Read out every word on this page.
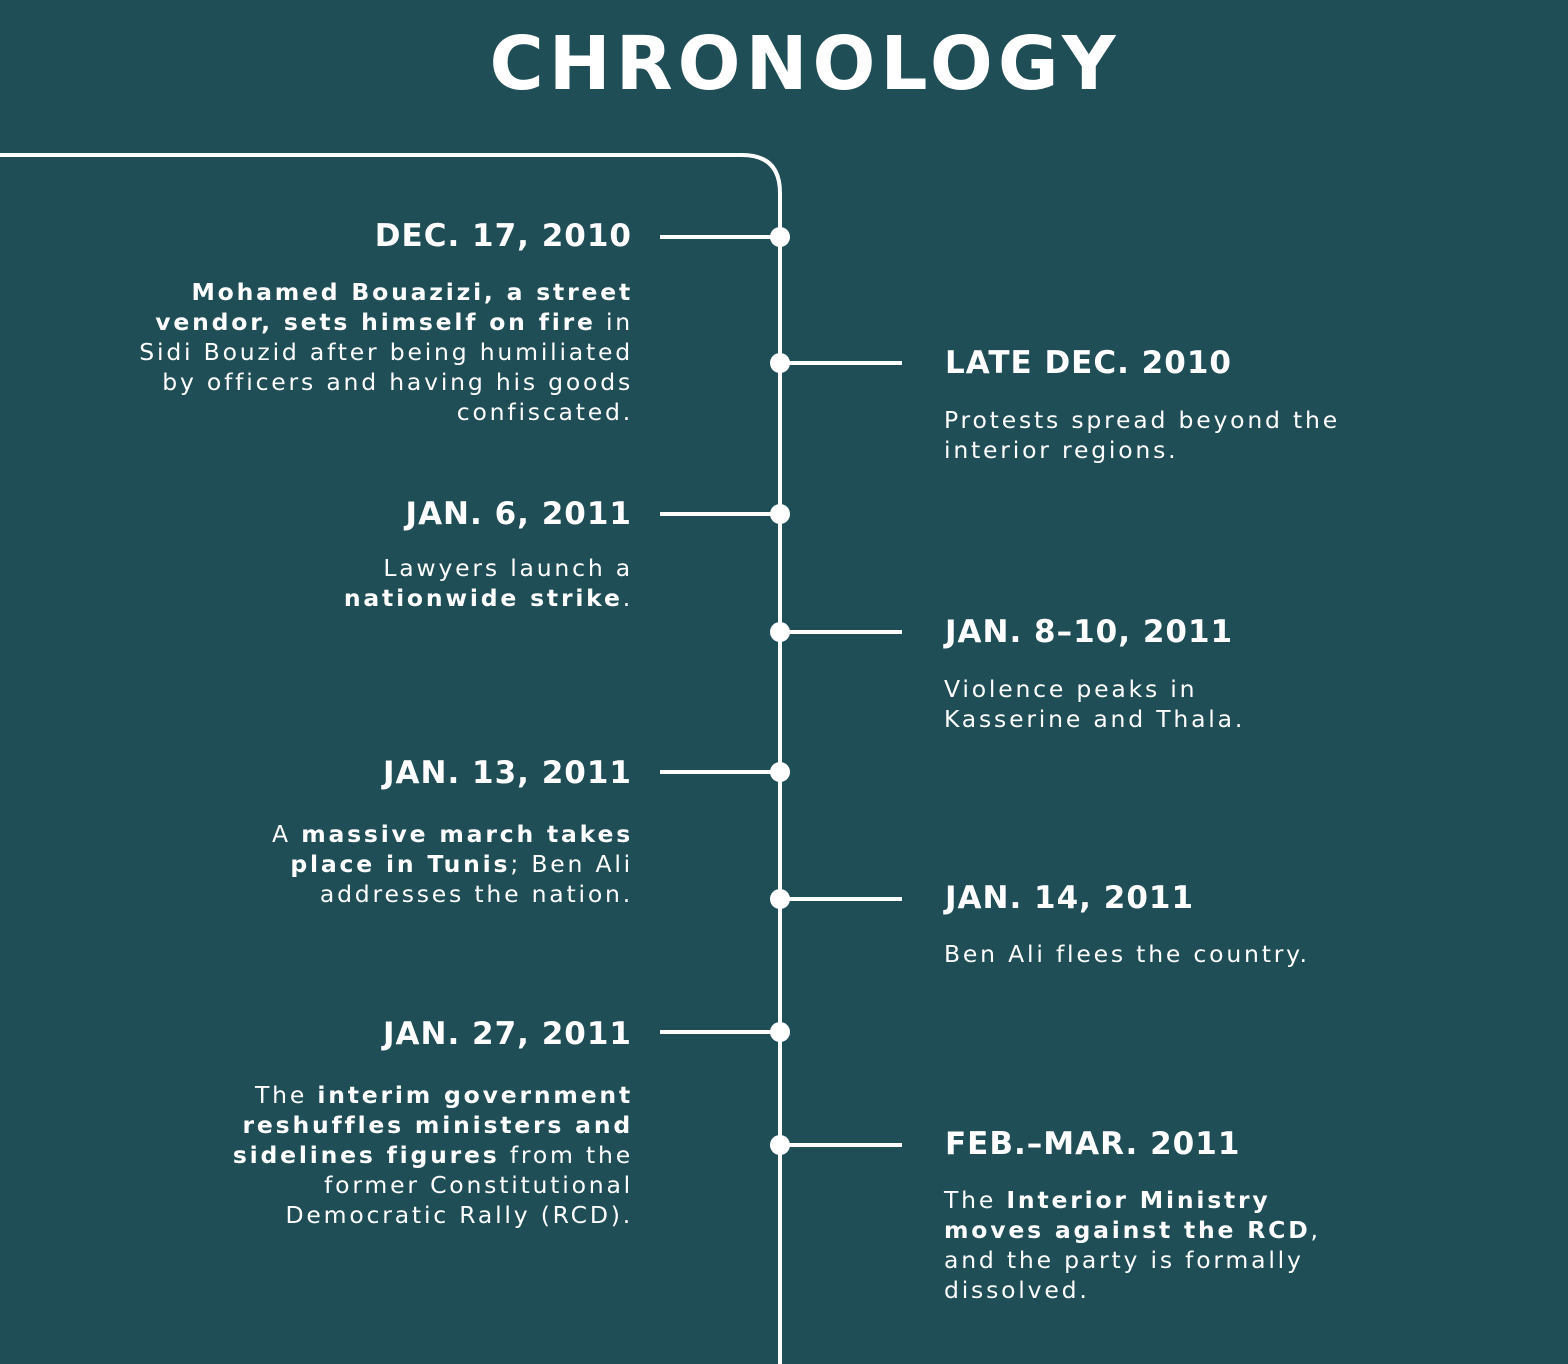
CHRONOLOGY
DEC. 17, 2010
Mohamed Bouazizi, a street vendor, sets himself on fire in Sidi Bouzid after being humiliated by officers and having his goods confiscated.
LATE DEC. 2010
Protests spread beyond the interior regions.
JAN. 6, 2011
Lawyers launch a nationwide strike.
JAN. 8–10, 2011
Violence peaks in Kasserine and Thala.
JAN. 13, 2011
A massive march takes place in Tunis; Ben Ali addresses the nation.	JAN. 14, 2011
Ben Ali flees the country.
JAN. 27, 2011
The interim government reshuffles ministers and sidelines figures from the former Constitutional Democratic Rally (RCD).
FEB.–MAR. 2011
The Interior Ministry moves against the RCD, and the party is formally dissolved.
